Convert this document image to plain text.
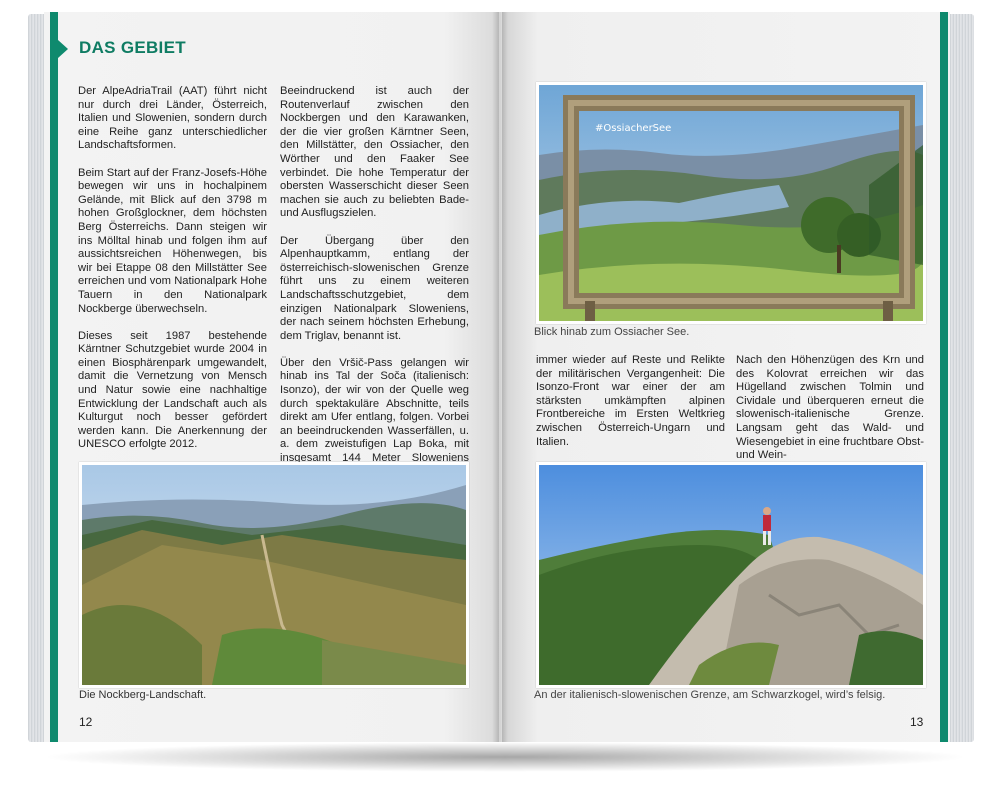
DAS GEBIET

Der AlpeAdriaTrail (AAT) führt nicht nur durch drei Länder, Österreich, Italien und Slowenien, sondern durch eine Reihe ganz unterschiedlicher Landschaftsformen.

Beim Start auf der Franz-Josefs-Höhe bewegen wir uns in hochalpinem Gelände, mit Blick auf den 3798 m hohen Großglockner, dem höchsten Berg Österreichs. Dann steigen wir ins Mölltal hinab und folgen ihm auf aussichtsreichen Höhenwegen, bis wir bei Etappe 08 den Millstätter See erreichen und vom Nationalpark Hohe Tauern in den Nationalpark Nockberge überwechseln.

Dieses seit 1987 bestehende Kärntner Schutzgebiet wurde 2004 in einen Biosphärenpark umgewandelt, damit die Vernetzung von Mensch und Natur sowie eine nachhaltige Entwicklung der Landschaft auch als Kulturgut noch besser gefördert werden kann. Die Anerkennung der UNESCO erfolgte 2012.

Beeindruckend ist auch der Routenverlauf zwischen den Nockbergen und den Karawanken, der die vier großen Kärntner Seen, den Millstätter, den Ossiacher, den Wörther und den Faaker See verbindet. Die hohe Temperatur der obersten Wasserschicht dieser Seen machen sie auch zu beliebten Bade- und Ausflugszielen.

Der Übergang über den Alpenhauptkamm, entlang der österreichisch-slowenischen Grenze führt uns zu einem weiteren Landschaftsschutzgebiet, dem einzigen Nationalpark Sloweniens, der nach seinem höchsten Erhebung, dem Triglav, benannt ist.

Über den Vršič-Pass gelangen wir hinab ins Tal der Soča (italienisch: Isonzo), der wir von der Quelle weg durch spektakuläre Abschnitte, teils direkt am Ufer entlang, folgen. Vorbei an beeindruckenden Wasserfällen, u. a. dem zweistufigen Lap Boka, mit insgesamt 144 Meter Sloweniens

immer wieder auf Reste und Relikte der militärischen Vergangenheit: Die Isonzo-Front war einer der am stärksten umkämpften alpinen Frontbereiche im Ersten Weltkrieg zwischen Österreich-Ungarn und Italien.

Nach den Höhenzügen des Krn und des Kolovrat erreichen wir das Hügelland zwischen Tolmin und Cividale und überqueren erneut die slowenisch-italienische Grenze. Langsam geht das Wald- und Wiesengebiet in eine fruchtbare Obst- und Wein-

#OssiacherSee
Blick hinab zum Ossiacher See.
Die Nockberg-Landschaft.	An der italienisch-slowenischen Grenze, am Schwarzkogel, wird’s felsig.
12	13
